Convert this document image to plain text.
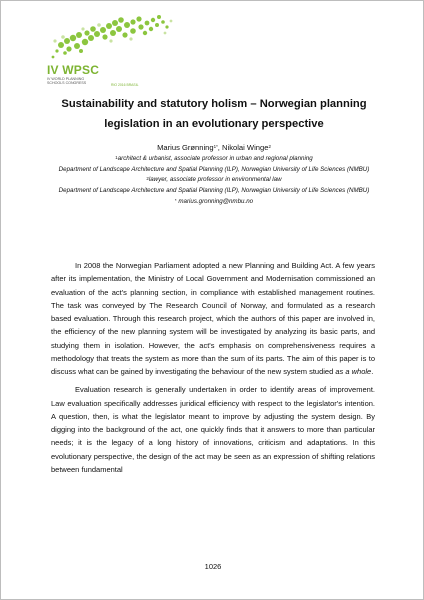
IV WPSC
IV WORLD PLANNING
SCHOOLS CONGRESS	RIO 2016 BRASIL
Sustainability and statutory holism – Norwegian planning legislation in an evolutionary perspective
Marius Grønning$^{1*}$, Nikolai Winge$^2$

$^1$architect & urbanist, associate professor in urban and regional planning

Department of Landscape Architecture and Spatial Planning (ILP), Norwegian University of Life Sciences (NMBU)

$^2$lawyer, associate professor in environmental law

Department of Landscape Architecture and Spatial Planning (ILP), Norwegian University of Life Sciences (NMBU)

* marius.gronning@nmbu.no

In 2008 the Norwegian Parliament adopted a new Planning and Building Act. A few years after its implementation, the Ministry of Local Government and Modernisation commissioned an evaluation of the act's planning section, in compliance with established management routines. The task was conveyed by The Research Council of Norway, and formulated as a research based evaluation. Through this research project, which the authors of this paper are involved in, the efficiency of the new planning system will be investigated by analyzing its basic parts, and studying them in isolation. However, the act's emphasis on comprehensiveness requires a methodology that treats the system as more than the sum of its parts. The aim of this paper is to discuss what can be gained by investigating the behaviour of the new system studied as a whole.

Evaluation research is generally undertaken in order to identify areas of improvement. Law evaluation specifically addresses juridical efficiency with respect to the legislator's intention. A question, then, is what the legislator meant to improve by adjusting the system design. By digging into the background of the act, one quickly finds that it answers to more than particular needs; it is the legacy of a long history of innovations, criticism and adaptations. In this evolutionary perspective, the design of the act may be seen as an expression of shifting relations between fundamental

1026
